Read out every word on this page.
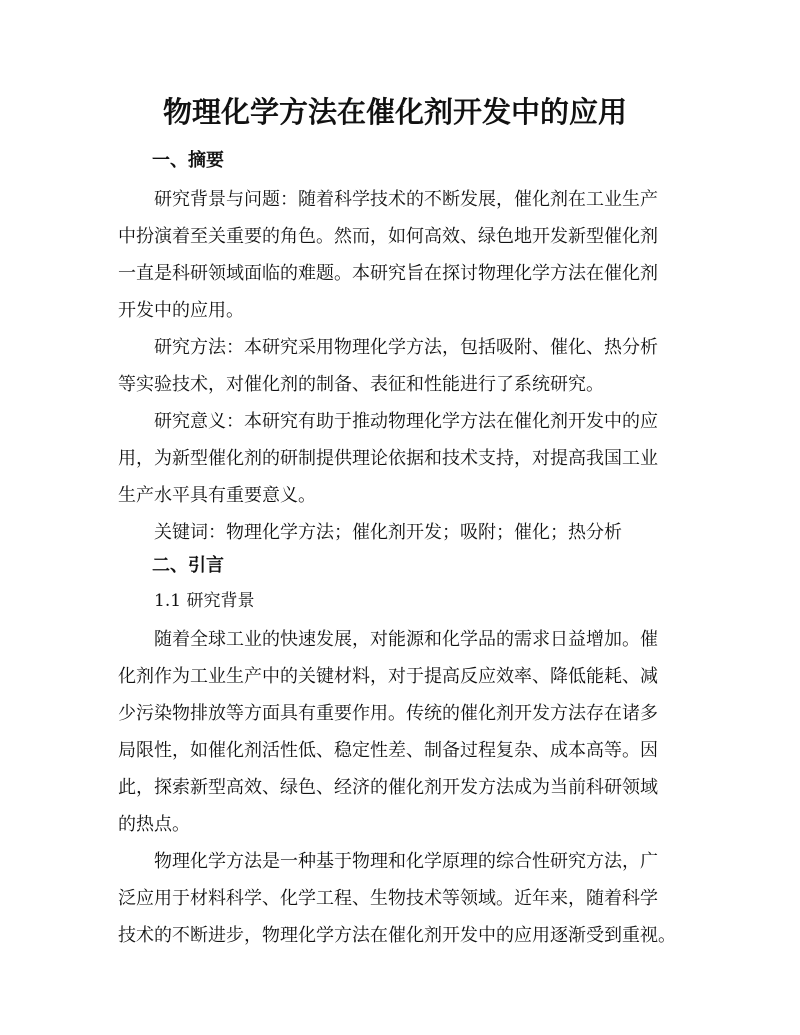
物理化学方法在催化剂开发中的应用
一、摘要
研究背景与问题：随着科学技术的不断发展，催化剂在工业生产
中扮演着至关重要的角色。然而，如何高效、绿色地开发新型催化剂
一直是科研领域面临的难题。本研究旨在探讨物理化学方法在催化剂
开发中的应用。
研究方法：本研究采用物理化学方法，包括吸附、催化、热分析
等实验技术，对催化剂的制备、表征和性能进行了系统研究。
研究意义：本研究有助于推动物理化学方法在催化剂开发中的应
用，为新型催化剂的研制提供理论依据和技术支持，对提高我国工业
生产水平具有重要意义。
关键词：物理化学方法；催化剂开发；吸附；催化；热分析
二、引言
1.1 研究背景
随着全球工业的快速发展，对能源和化学品的需求日益增加。催
化剂作为工业生产中的关键材料，对于提高反应效率、降低能耗、减
少污染物排放等方面具有重要作用。传统的催化剂开发方法存在诸多
局限性，如催化剂活性低、稳定性差、制备过程复杂、成本高等。因
此，探索新型高效、绿色、经济的催化剂开发方法成为当前科研领域
的热点。
物理化学方法是一种基于物理和化学原理的综合性研究方法，广
泛应用于材料科学、化学工程、生物技术等领域。近年来，随着科学
技术的不断进步，物理化学方法在催化剂开发中的应用逐渐受到重视。
